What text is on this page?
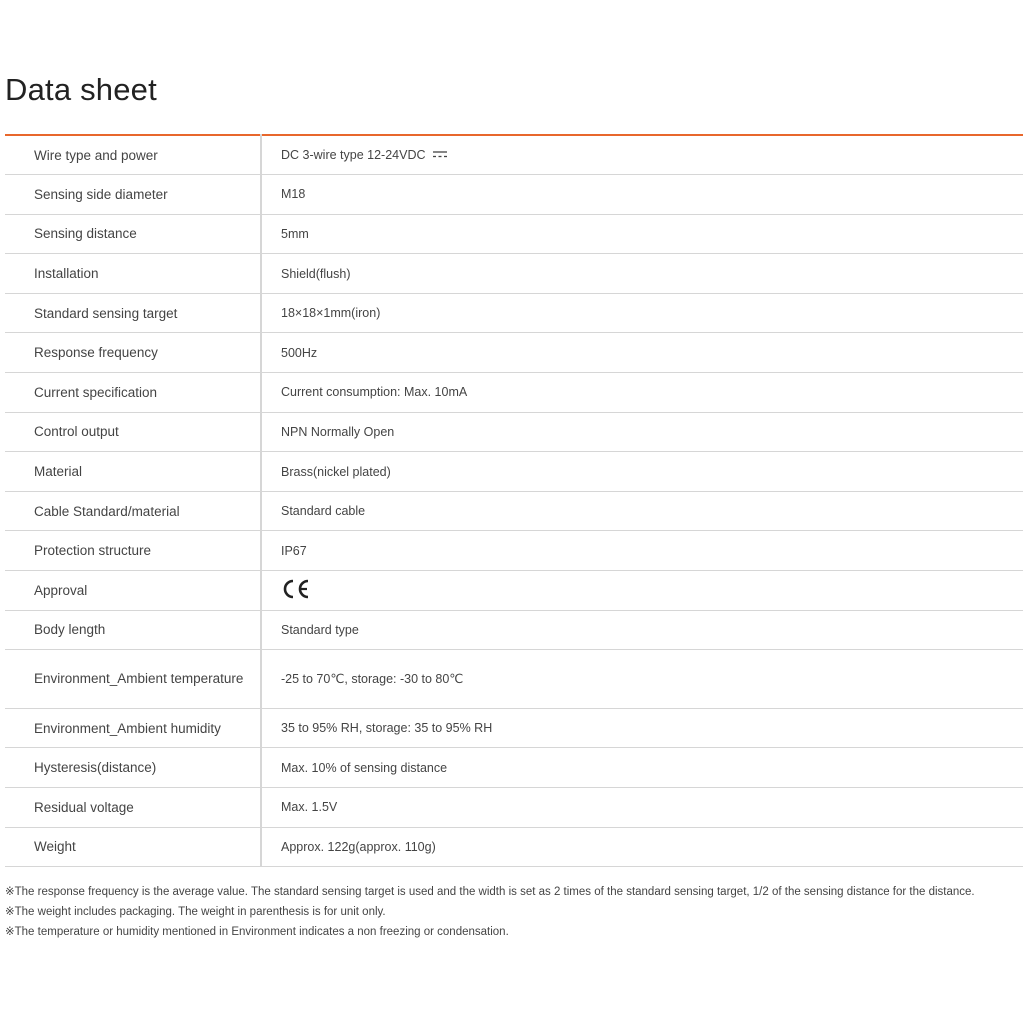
Data sheet
Wire type and power	DC 3-wire type 12-24VDC
Sensing side diameter	M18
Sensing distance	5mm
Installation	Shield(flush)
Standard sensing target	18×18×1mm(iron)
Response frequency	500Hz
Current specification	Current consumption: Max. 10mA
Control output	NPN Normally Open
Material	Brass(nickel plated)
Cable Standard/material	Standard cable
Protection structure	IP67
Approval	
Body length	Standard type
Environment_Ambient temperature	-25 to 70℃, storage: -30 to 80℃
Environment_Ambient humidity	35 to 95% RH, storage: 35 to 95% RH
Hysteresis(distance)	Max. 10% of sensing distance
Residual voltage	Max. 1.5V
Weight	Approx. 122g(approx. 110g)

※The response frequency is the average value. The standard sensing target is used and the width is set as 2 times of the standard sensing target, 1/2 of the sensing distance for the distance.

※The weight includes packaging. The weight in parenthesis is for unit only.

※The temperature or humidity mentioned in Environment indicates a non freezing or condensation.
